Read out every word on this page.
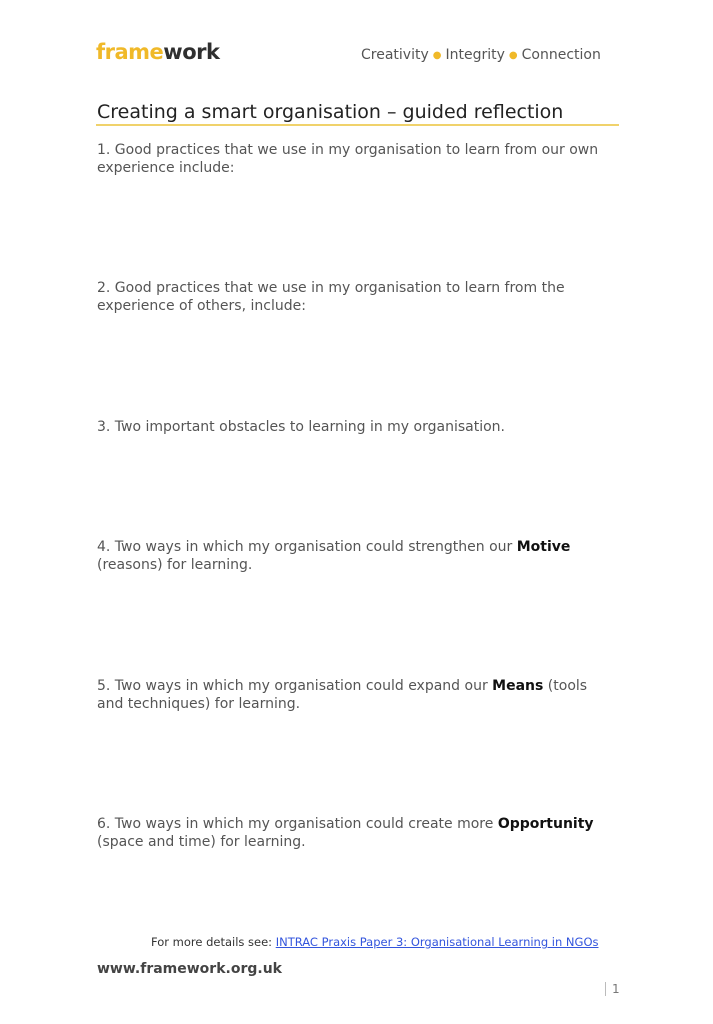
framework	Creativity ● Integrity ● Connection
Creating a smart organisation – guided reflection
1. Good practices that we use in my organisation to learn from our own experience include:
2. Good practices that we use in my organisation to learn from the experience of others, include:
3. Two important obstacles to learning in my organisation.
4. Two ways in which my organisation could strengthen our Motive (reasons) for learning.
5. Two ways in which my organisation could expand our Means (tools and techniques) for learning.
6. Two ways in which my organisation could create more Opportunity (space and time) for learning.
For more details see: INTRAC Praxis Paper 3: Organisational Learning in NGOs
www.framework.org.uk
1
